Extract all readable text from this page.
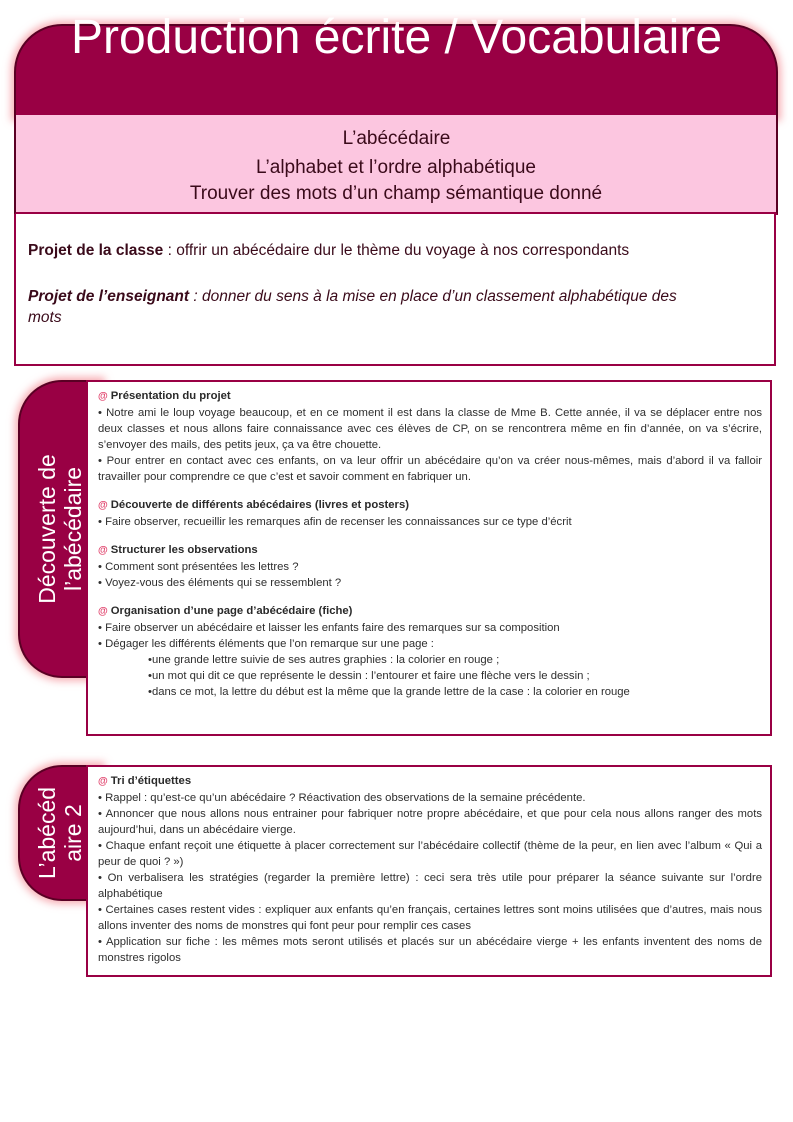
Production écrite / Vocabulaire
L’alphabet et l’ordre alphabétique
Trouver des mots d’un champ sémantique donné
L’abécédaire
Projet de la classe : offrir un abécédaire dur le thème du voyage à nos correspondants
Projet de l’enseignant : donner du sens à la mise en place d’un classement alphabétique des mots
Découverte de l’abécédaire
@ Présentation du projet

• Notre ami le loup voyage beaucoup, et en ce moment il est dans la classe de Mme B. Cette année, il va se déplacer entre nos deux classes et nous allons faire connaissance avec ces élèves de CP, on se rencontrera même en fin d’année, on va s’écrire, s’envoyer des mails, des petits jeux, ça va être chouette.

• Pour entrer en contact avec ces enfants, on va leur offrir un abécédaire qu’on va créer nous-mêmes, mais d’abord il va falloir travailler pour comprendre ce que c’est et savoir comment en fabriquer un.

@ Découverte de différents abécédaires (livres et posters)

• Faire observer, recueillir les remarques afin de recenser les connaissances sur ce type d’écrit

@ Structurer les observations

• Comment sont présentées les lettres ?

• Voyez-vous des éléments qui se ressemblent ?

@ Organisation d’une page d’abécédaire (fiche)

• Faire observer un abécédaire et laisser les enfants faire des remarques sur sa composition

• Dégager les différents éléments que l’on remarque sur une page :

•une grande lettre suivie de ses autres graphies : la colorier en rouge ;

•un mot qui dit ce que représente le dessin : l’entourer et faire une flèche vers le dessin ;

•dans ce mot, la lettre du début est la même que la grande lettre de la case : la colorier en rouge

L’abécéd aire 2
@ Tri d’étiquettes

• Rappel : qu’est-ce qu’un abécédaire ? Réactivation des observations de la semaine précédente.

• Annoncer que nous allons nous entrainer pour fabriquer notre propre abécédaire, et que pour cela nous allons ranger des mots aujourd’hui, dans un abécédaire vierge.

• Chaque enfant reçoit une étiquette à placer correctement sur l’abécédaire collectif (thème de la peur, en lien avec l’album « Qui a peur de quoi ? »)

• On verbalisera les stratégies (regarder la première lettre) : ceci sera très utile pour préparer la séance suivante sur l’ordre alphabétique

• Certaines cases restent vides : expliquer aux enfants qu’en français, certaines lettres sont moins utilisées que d’autres, mais nous allons inventer des noms de monstres qui font peur pour remplir ces cases

• Application sur fiche : les mêmes mots seront utilisés et placés sur un abécédaire vierge + les enfants inventent des noms de monstres rigolos
